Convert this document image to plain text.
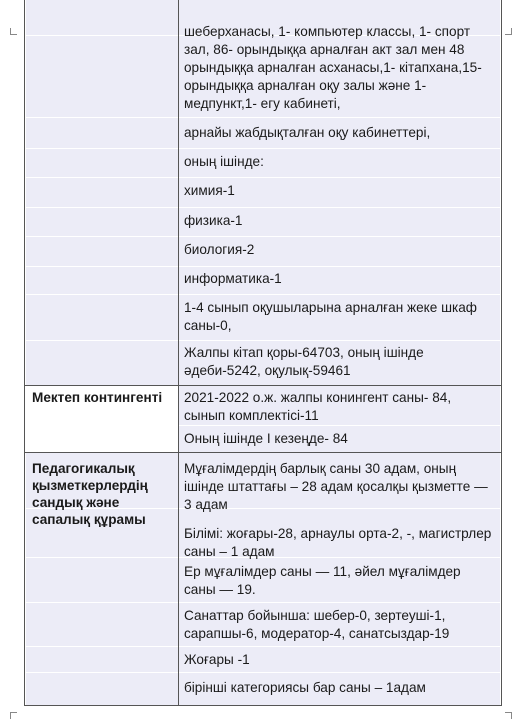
шеберханасы, 1- компьютер классы, 1- спорт зал, 86- орындыққа арналған акт зал мен 48 орындыққа арналған асханасы,1- кітапхана,15- орындыққа арналған оқу залы және 1- медпункт,1- егу кабинеті,

арнайы жабдықталған оқу кабинеттері,

оның ішінде:

химия-1

физика-1

биология-2

информатика-1

1-4 сынып оқушыларына арналған жеке шкаф саны-0,

Жалпы кітап қоры-64703, оның ішінде әдеби-5242, оқулық-59461

Мектеп контингенті	2021-2022 о.ж. жалпы конингент саны- 84, сынып комплектісі-11

Оның ішінде І кезеңде- 84

Педагогикалық қызметкерлердің сандық және сапалық құрамы

Мұғалімдердің барлық саны 30 адам, оның ішінде штаттағы – 28 адам қосалқы қызметте — 3 адам

Білімі: жоғары-28, арнаулы орта-2, -, магистрлер саны – 1 адам

Ер мұғалімдер саны — 11, әйел мұғалімдер саны — 19.

Санаттар бойынша: шебер-0, зертеуші-1, сарапшы-6, модератор-4, санатсыздар-19

Жоғары -1

бірінші категориясы бар саны – 1адам
